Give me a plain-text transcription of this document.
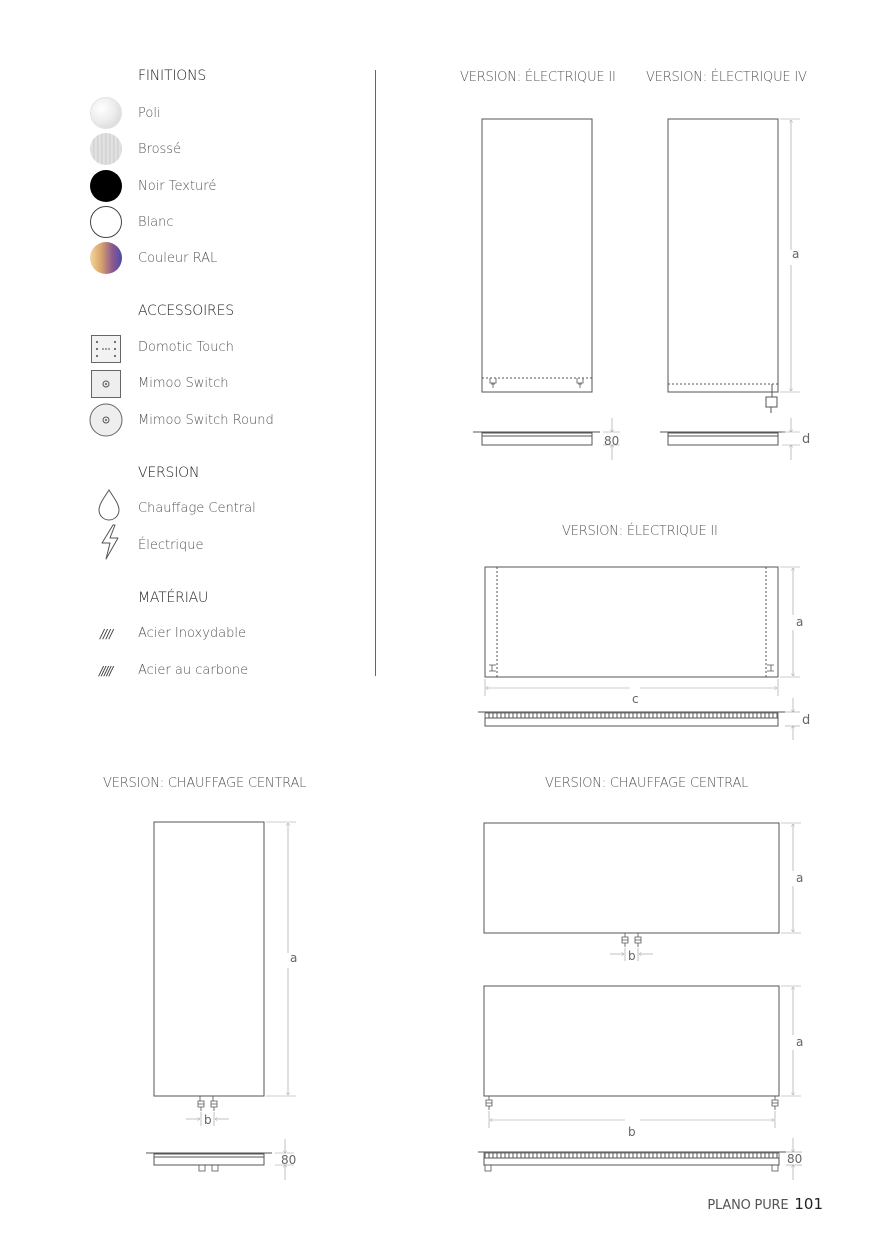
FINITIONS
Poli
Brossé
Noir Texturé
Blanc
Couleur RAL
ACCESSOIRES
Domotic Touch
Mimoo Switch
Mimoo Switch Round
VERSION
Chauffage Central
Électrique
MATÉRIAU
//// Acier Inoxydable
///// Acier au carbone
VERSION: ÉLECTRIQUE II VERSION: ÉLECTRIQUE IV
VERSION: ÉLECTRIQUE II
VERSION: CHAUFFAGE CENTRAL	VERSION: CHAUFFAGE CENTRAL
80
a
d
a
c
d
b
a
80
b
a
b
a
80
PLANO PURE 101
